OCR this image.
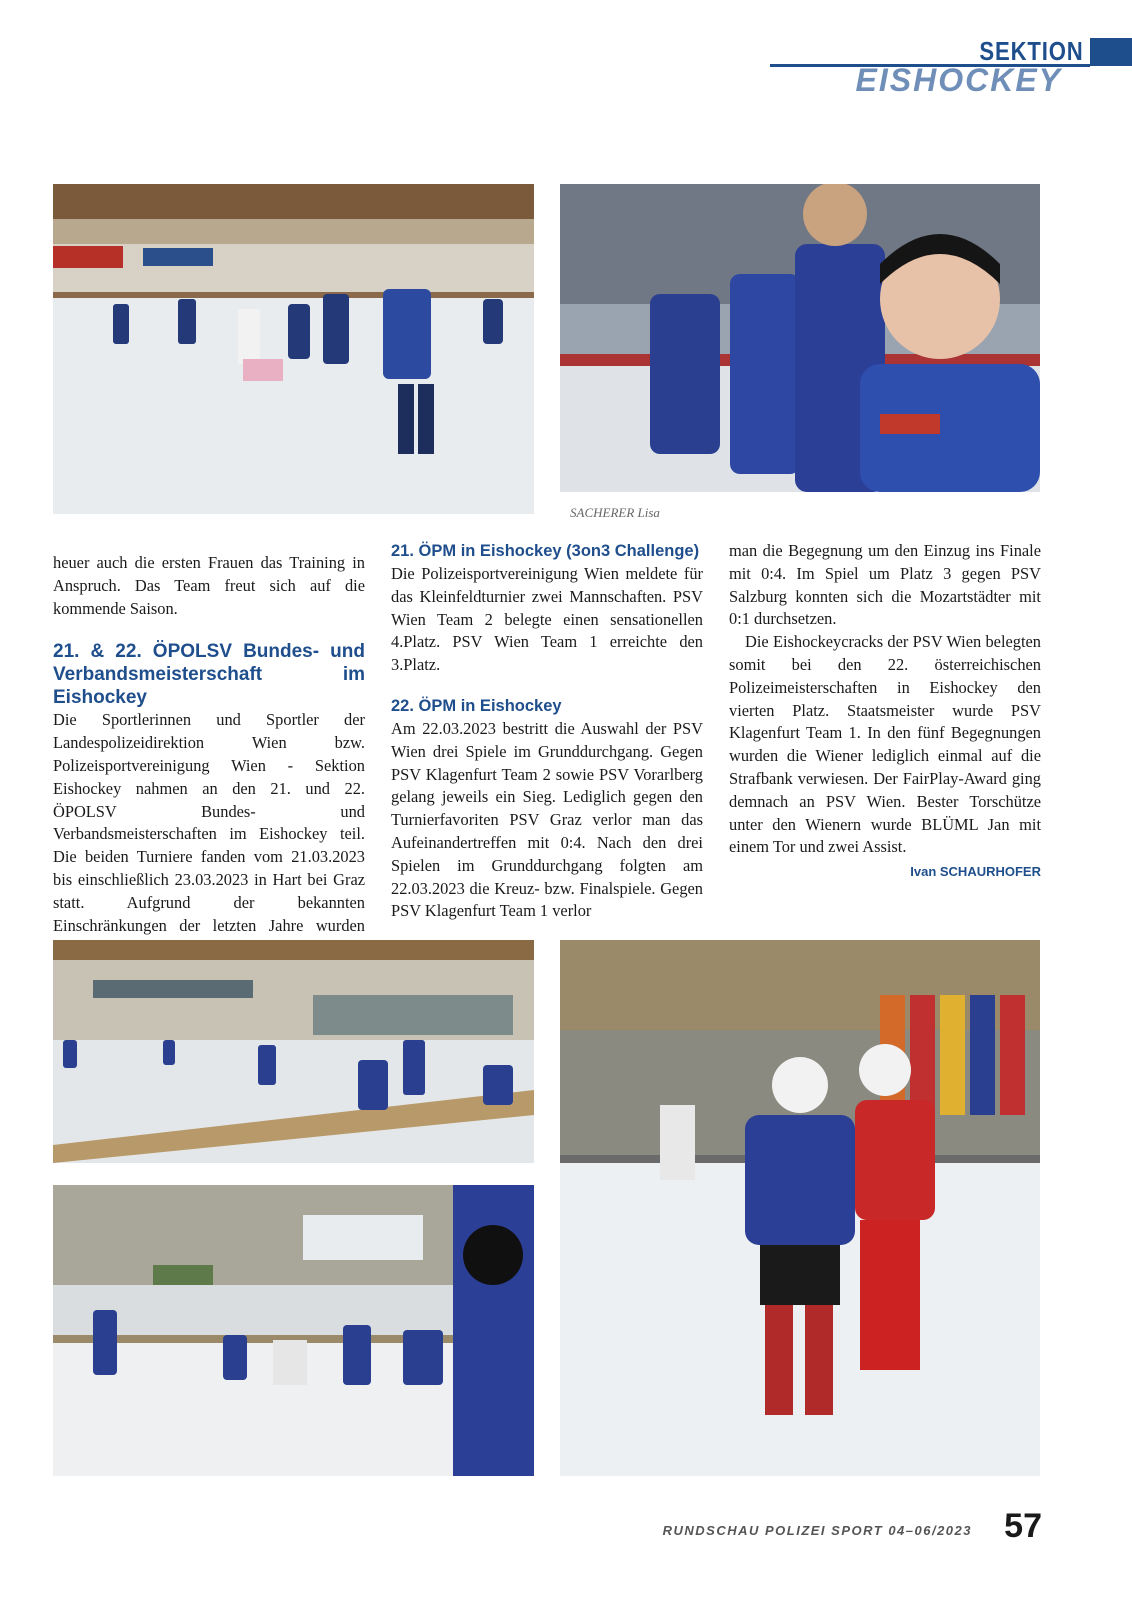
SEKTION
EISHOCKEY
SACHERER Lisa

heuer auch die ersten Frauen das Training in Anspruch. Das Team freut sich auf die kommende Saison.

21. & 22. ÖPOLSV Bundes- und Verbandsmeisterschaft im Eishockey

Die Sportlerinnen und Sportler der Landespolizeidirektion Wien bzw. Polizeisportvereinigung Wien - Sektion Eishockey nahmen an den 21. und 22. ÖPOLSV Bundes- und Verbandsmeisterschaften im Eishockey teil. Die beiden Turniere fanden vom 21.03.2023 bis einschließlich 23.03.2023 in Hart bei Graz statt. Aufgrund der bekannten Einschränkungen der letzten Jahre wurden

21. ÖPM in Eishockey (3on3 Challenge)

Die Polizeisportvereinigung Wien meldete für das Kleinfeldturnier zwei Mannschaften. PSV Wien Team 2 belegte einen sensationellen 4.Platz. PSV Wien Team 1 erreichte den 3.Platz.

22. ÖPM in Eishockey

Am 22.03.2023 bestritt die Auswahl der PSV Wien drei Spiele im Grunddurchgang. Gegen PSV Klagenfurt Team 2 sowie PSV Vorarlberg gelang jeweils ein Sieg. Lediglich gegen den Turnierfavoriten PSV Graz verlor man das Aufeinandertreffen mit 0:4. Nach den drei Spielen im Grunddurchgang folgten am 22.03.2023 die Kreuz- bzw. Finalspiele. Gegen PSV Klagenfurt Team 1 verlor

man die Begegnung um den Einzug ins Finale mit 0:4. Im Spiel um Platz 3 gegen PSV Salzburg konnten sich die Mozartstädter mit 0:1 durchsetzen.

Die Eishockeycracks der PSV Wien belegten somit bei den 22. österreichischen Polizeimeisterschaften in Eishockey den vierten Platz. Staatsmeister wurde PSV Klagenfurt Team 1. In den fünf Begegnungen wurden die Wiener lediglich einmal auf die Strafbank verwiesen. Der FairPlay-Award ging demnach an PSV Wien. Bester Torschütze unter den Wienern wurde BLÜML Jan mit einem Tor und zwei Assist.

Ivan SCHAURHOFER
RUNDSCHAU POLIZEI SPORT 04–06/2023 57
